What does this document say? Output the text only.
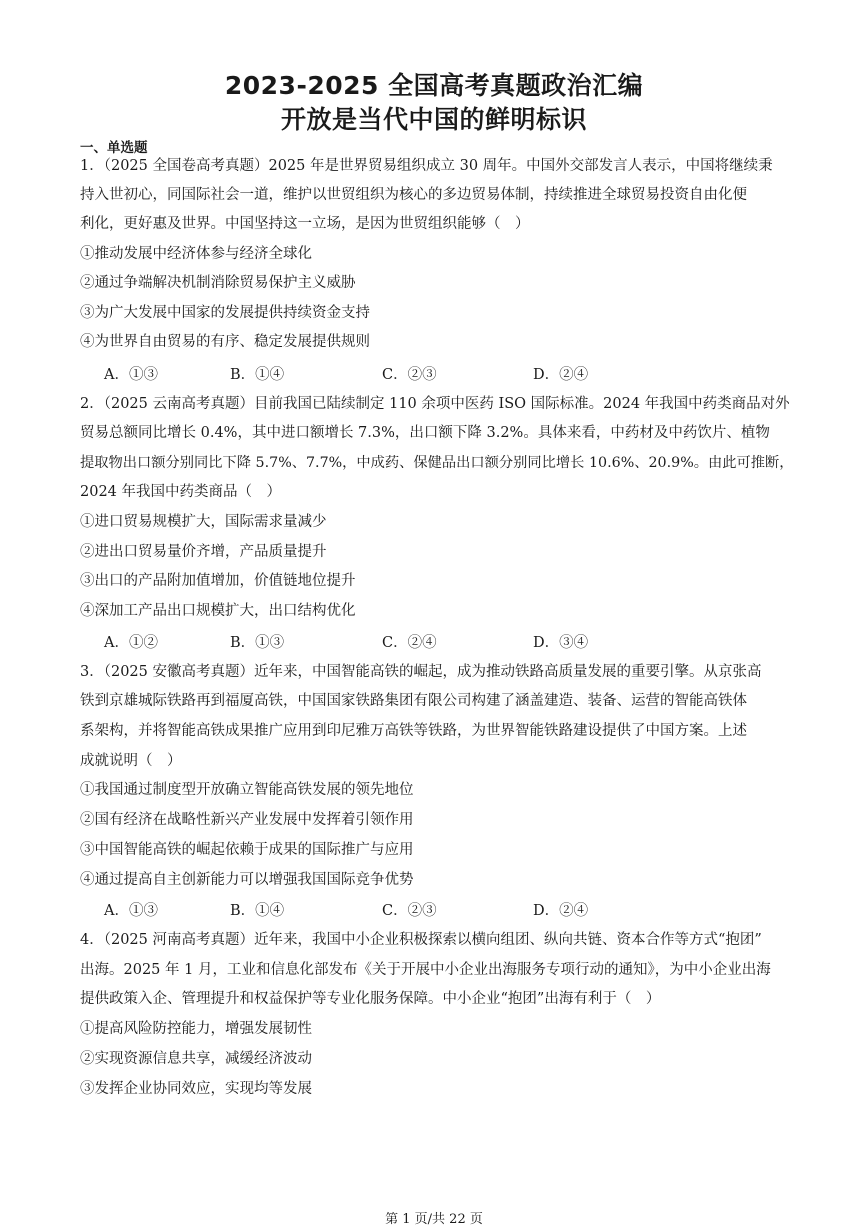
2023-2025 全国高考真题政治汇编
开放是当代中国的鲜明标识
一、单选题
1．（2025 全国卷高考真题）2025 年是世界贸易组织成立 30 周年。中国外交部发言人表示，中国将继续秉
持入世初心，同国际社会一道，维护以世贸组织为核心的多边贸易体制，持续推进全球贸易投资自由化便
利化，更好惠及世界。中国坚持这一立场，是因为世贸组织能够（　）
①推动发展中经济体参与经济全球化
②通过争端解决机制消除贸易保护主义威胁
③为广大发展中国家的发展提供持续资金支持
④为世界自由贸易的有序、稳定发展提供规则
A．①③	B．①④	C．②③	D．②④
2．（2025 云南高考真题）目前我国已陆续制定 110 余项中医药 ISO 国际标准。2024 年我国中药类商品对外
贸易总额同比增长 0.4%，其中进口额增长 7.3%，出口额下降 3.2%。具体来看，中药材及中药饮片、植物
提取物出口额分别同比下降 5.7%、7.7%，中成药、保健品出口额分别同比增长 10.6%、20.9%。由此可推断，
2024 年我国中药类商品（　）
①进口贸易规模扩大，国际需求量减少
②进出口贸易量价齐增，产品质量提升
③出口的产品附加值增加，价值链地位提升
④深加工产品出口规模扩大，出口结构优化
A．①②	B．①③	C．②④	D．③④
3．（2025 安徽高考真题）近年来，中国智能高铁的崛起，成为推动铁路高质量发展的重要引擎。从京张高
铁到京雄城际铁路再到福厦高铁，中国国家铁路集团有限公司构建了涵盖建造、装备、运营的智能高铁体
系架构，并将智能高铁成果推广应用到印尼雅万高铁等铁路，为世界智能铁路建设提供了中国方案。上述
成就说明（　）
①我国通过制度型开放确立智能高铁发展的领先地位
②国有经济在战略性新兴产业发展中发挥着引领作用
③中国智能高铁的崛起依赖于成果的国际推广与应用
④通过提高自主创新能力可以增强我国国际竞争优势
A．①③	B．①④	C．②③	D．②④
4．（2025 河南高考真题）近年来，我国中小企业积极探索以横向组团、纵向共链、资本合作等方式“抱团”
出海。2025 年 1 月，工业和信息化部发布《关于开展中小企业出海服务专项行动的通知》，为中小企业出海
提供政策入企、管理提升和权益保护等专业化服务保障。中小企业“抱团”出海有利于（　）
①提高风险防控能力，增强发展韧性
②实现资源信息共享，减缓经济波动
③发挥企业协同效应，实现均等发展
第 1 页/共 22 页
